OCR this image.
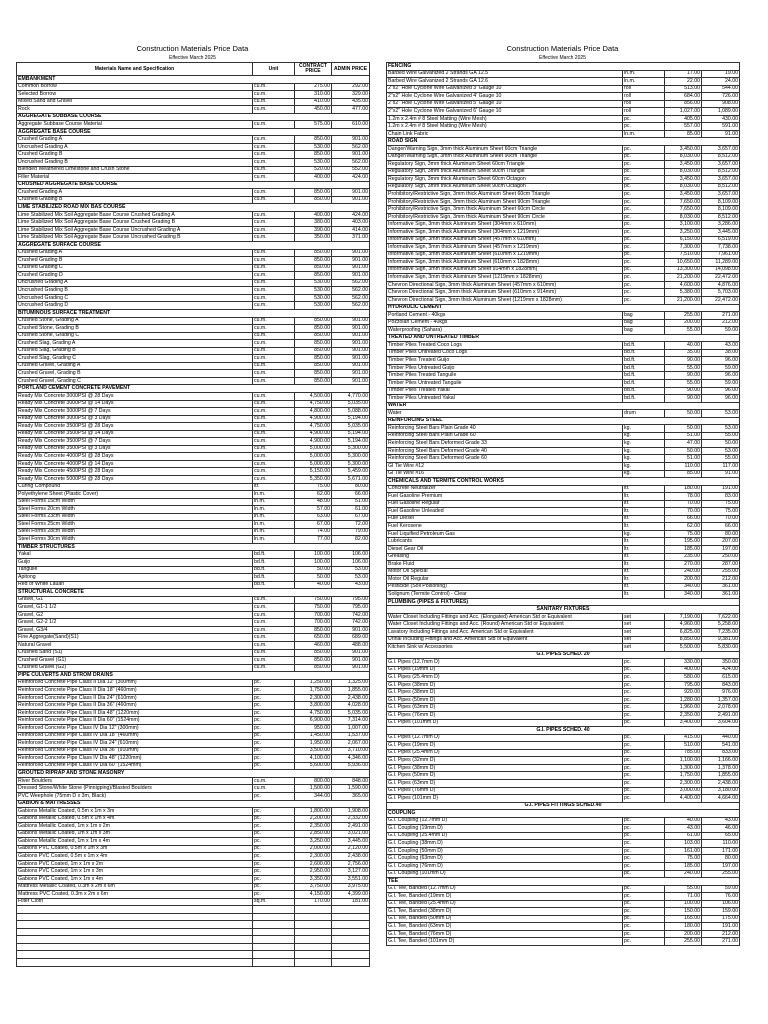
Construction Materials Price Data
Effective March 2025
Materials Name and Specification	Unit	CONTRACT PRICE	ADMIN PRICE
EMBANKMENT			
Common Borrow	cu.m.	275.00	292.00
Selected Borrow	cu.m.	310.00	329.00
Mixed Sand and Gravel	cu.m.	410.00	435.00
Rock	cu.m.	450.00	477.00
AGGREGATE SUBBASE COURSE			
Aggregate Subbase Course Material	cu.m.	575.00	610.00
AGGREGATE BASE COURSE			
Crushed Grading A	cu.m.	850.00	901.00
Uncrushed Grading A	cu.m.	530.00	562.00
Crushed Grading B	cu.m.	850.00	901.00
Uncrushed Grading B	cu.m.	530.00	562.00
Blended Weathered Limestone and Crush Stone	cu.m.	520.00	552.00
Filler Material	cu.m.	400.00	424.00
CRUSHED AGGREGATE BASE COURSE			
Crushed Grading A	cu.m.	850.00	901.00
Crushed Grading B	cu.m.	850.00	901.00
LIME STABILIZED ROAD MIX BAS COURSE			
Lime Stabilized Mix Soil Aggregate Base Course Crushed Grading A	cu.m.	400.00	424.00
Lime Stabilized Mix Soil Aggregate Base Course Crushed Grading B	cu.m.	380.00	403.00
Lime Stabilized Mix Soil Aggregate Base Course Uncrushed Grading A	cu.m.	390.00	414.00
Lime Stabilized Mix Soil Aggregate Base Course Uncrushed Grading B	cu.m.	350.00	371.00
AGGREGATE SURFACE COURSE			
Crushed Grading A	cu.m.	850.00	901.00
Crushed Grading B	cu.m.	850.00	901.00
Crushed Grading C	cu.m.	850.00	901.00
Crushed Grading D	cu.m.	850.00	901.00
Uncrushed Grading A	cu.m.	530.00	562.00
Uncrushed Grading B	cu.m.	530.00	562.00
Uncrushed Grading C	cu.m.	530.00	562.00
Uncrushed Grading D	cu.m.	530.00	562.00
BITUMINOUS SURFACE TREATMENT			
Crushed Stone, Grading A	cu.m.	850.00	901.00
Crushed Stone, Grading B	cu.m.	850.00	901.00
Crushed Stone, Grading C	cu.m.	850.00	901.00
Crushed Slag, Grading A	cu.m.	850.00	901.00
Crushed Slag, Grading B	cu.m.	850.00	901.00
Crushed Slag, Grading C	cu.m.	850.00	901.00
Crushed Gravel, Grading A	cu.m.	850.00	901.00
Crushed Gravel, Grading B	cu.m.	850.00	901.00
Crushed Gravel, Grading C	cu.m.	850.00	901.00
PORTLAND CEMENT CONCRETE PAVEMENT			
Ready Mix Concrete 3000PSI @ 28 Days	cu.m.	4,500.00	4,770.00
Ready Mix Concrete 3000PSI @ 14 Days	cu.m.	4,750.00	5,035.00
Ready Mix Concrete 3000PSI @ 7 Days	cu.m.	4,800.00	5,088.00
Ready Mix Concrete 3000PSI @ 3 Days	cu.m.	4,900.00	5,194.00
Ready Mix Concrete 3500PSI @ 28 Days	cu.m.	4,750.00	5,035.00
Ready Mix Concrete 3500PSI @ 14 Days	cu.m.	4,900.00	5,194.00
Ready Mix Concrete 3500PSI @ 7 Days	cu.m.	4,900.00	5,194.00
Ready Mix Concrete 3500PSI @ 3 Days	cu.m.	5,000.00	5,300.00
Ready Mix Concrete 4000PSI @ 28 Days	cu.m.	5,000.00	5,300.00
Ready Mix Concrete 4000PSI @ 14 Days	cu.m.	5,000.00	5,300.00
Ready Mix Concrete 4500PSI @ 28 Days	cu.m.	5,150.00	5,459.00
Ready Mix Concrete 5000PSI @ 28 Days	cu.m.	5,350.00	5,671.00
Curing Compound	ltr.	75.00	80.00
Polyethylene Sheet (Plastic Cover)	ln.m.	62.00	66.00
Steel Forms 15cm Width	ln.m.	48.00	51.00
Steel Forms 20cm Width	ln.m.	57.00	61.00
Steel Forms 23cm Width	ln.m.	63.00	67.00
Steel Forms 25cm Width	ln.m.	67.00	72.00
Steel Forms 28cm Width	ln.m.	74.00	79.00
Steel Forms 30cm Width	ln.m.	77.00	82.00
TIMBER STRUCTURES			
Yakal	bd.ft.	100.00	106.00
Guijo	bd.ft.	100.00	106.00
Tanguile	bd.ft.	50.00	53.00
Apitong	bd.ft.	50.00	53.00
Red or White Lauan	bd.ft.	40.00	43.00
STRUCTURAL CONCRETE			
Gravel, G1	cu.m.	750.00	795.00
Gravel, G1-1 1/2	cu.m.	750.00	795.00
Gravel, G2	cu.m.	700.00	742.00
Gravel, G2-2 1/2	cu.m.	700.00	742.00
Gravel, G3/4	cu.m.	850.00	901.00
Fine Aggregate(Sand)(S1)	cu.m.	650.00	689.00
Natural Gravel	cu.m.	460.00	488.00
Crushed Sand (S1)	cu.m.	850.00	901.00
Crushed Gravel (G1)	cu.m.	850.00	901.00
Crushed Gravel (G2)	cu.m.	850.00	901.00
PIPE CULVERTS AND STROM DRAINS			
Reinforced Concrete Pipe Class II Dia 12" (300mm)	pc.	1,250.00	1,325.00
Reinforced Concrete Pipe Class II Dia 18" (460mm)	pc.	1,750.00	1,855.00
Reinforced Concrete Pipe Class II Dia 24" (610mm)	pc.	2,300.00	2,438.00
Reinforced Concrete Pipe Class II Dia 36" (460mm)	pc.	3,800.00	4,028.00
Reinforced Concrete Pipe Class II Dia 48" (1220mm)	pc.	4,750.00	5,035.00
Reinforced Concrete Pipe Class II Dia 60" (1524mm)	pc.	6,900.00	7,314.00
Reinforced Concrete Pipe Class IV Dia 12" (300mm)	pc.	950.00	1,007.00
Reinforced Concrete Pipe Class IV Dia 18" (460mm)	pc.	1,450.00	1,537.00
Reinforced Concrete Pipe Class IV Dia 24" (610mm)	pc.	1,950.00	2,067.00
Reinforced Concrete Pipe Class IV Dia 36" (910mm)	pc.	3,500.00	3,710.00
Reinforced Concrete Pipe Class IV Dia 48" (1220mm)	pc.	4,100.00	4,346.00
Reinforced Concrete Pipe Class IV Dia 60" (1524mm)	pc.	5,600.00	5,936.00
GROUTED RIPRAP AND STONE MASONRY			
River Boulders	cu.m.	800.00	848.00
Dressed Stone/White Stone (Pinnigping)/Blasted Boulders	cu.m.	1,500.00	1,590.00
PVC Weephole (75mm D x 3m, Black)	pc.	344.00	365.00
GABION & MATTRESSES			
Gabions Metallic Coated, 0.5m x 1m x 3m	pc.	1,800.00	1,908.00
Gabions Metallic Coated, 0.5m x 1m x 4m	pc.	2,200.00	2,332.00
Gabions Metallic Coated, 1m x 1m x 2m	pc.	2,350.00	2,491.00
Gabions Metallic Coated, 1m x 1m x 3m	pc.	2,850.00	3,021.00
Gabions Metallic Coated, 1m x 1m x 4m	pc.	3,250.00	3,445.00
Gabions PVC Coated, 0.5m x 1m x 3m	pc.	2,000.00	2,120.00
Gabions PVC Coated, 0.5m x 1m x 4m	pc.	2,300.00	2,438.00
Gabions PVC Coated, 1m x 1m x 2m	pc.	2,600.00	2,756.00
Gabions PVC Coated, 1m x 1m x 3m	pc.	2,950.00	3,127.00
Gabions PVC Coated, 1m x 1m x 4m	pc.	3,350.00	3,551.00
Mattress Metallic Coated, 0.3m x 2m x 6m	pc.	3,750.00	3,975.00
Mattress PVC Coated, 0.3m x 2m x 6m	pc.	4,150.00	4,399.00
Filter Cloth	sq.m.	170.00	181.00

Construction Materials Price Data
Effective March 2025
FENCING			
Barbed Wire Galvanized 2 Strands GA 12.5	ln.m.	17.00	19.00
Barbed Wire Galvanized 2 Strands GA 12.6	ln.m.	22.00	24.00
2"x2" Hole Cyclone Wire Galvanized 3' Gauge 10	roll	513.00	544.00
2"x2" Hole Cyclone Wire Galvanized 4' Gauge 10	roll	684.00	726.00
2"x2" Hole Cyclone Wire Galvanized 5' Gauge 10	roll	856.00	908.00
2"x2" Hole Cyclone Wire Galvanized 6' Gauge 10	roll	1,027.00	1,089.00
1.2m x 2.4m # 8 Steel Matting (Wire Mesh)	pc.	405.00	430.00
1.2m x 2.4m # 8 Steel Matting (Wire Mesh)	pc.	557.00	591.00
Chain Link Fabric	ln.m.	85.00	91.00
ROAD SIGN			
Danger/Warning Sign, 3mm thick Aluminum Sheet 60cm Triangle	pc.	3,450.00	3,657.00
Danger/Warning Sign, 3mm thick Aluminum Sheet 90cm Triangle	pc.	8,030.00	8,512.00
Regulatory Sign, 3mm thick Aluminum Sheet 60cm Triangle	pc.	3,450.00	3,657.00
Regulatory Sign, 3mm thick Aluminum Sheet 90cm Triangle	pc.	8,030.00	8,512.00
Regulatory Sign, 3mm thick Aluminum Sheet 60cm Octagon	pc.	3,450.00	3,657.00
Regulatory Sign, 3mm thick Aluminum Sheet 90cm Octagon	pc.	8,030.00	8,512.00
Prohibitory/Restrictive Sign, 3mm thick Aluminum Sheet 60cm Triangle	pc.	3,450.00	3,657.00
Prohibitory/Restrictive Sign, 3mm thick Aluminum Sheet 90cm Triangle	pc.	7,650.00	8,109.00
Prohibitory/Restrictive Sign, 3mm thick Aluminum Sheet 60cm Circle	pc.	7,650.00	8,109.00
Prohibitory/Restrictive Sign, 3mm thick Aluminum Sheet 90cm Circle	pc.	8,030.00	8,512.00
Informative Sign, 3mm thick Aluminum Sheet (304mm x 610mm)	pc.	3,100.00	3,286.00
Informative Sign, 3mm thick Aluminum Sheet (304mm x 1219mm)	pc.	3,250.00	3,445.00
Informative Sign, 3mm thick Aluminum Sheet (457mm x 610mm)	pc.	6,150.00	6,519.00
Informative Sign, 3mm thick Aluminum Sheet (457mm x 1219mm)	pc.	7,300.00	7,738.00
Informative Sign, 3mm thick Aluminum Sheet (610mm x 1219mm)	pc.	7,510.00	7,961.00
Informative Sign, 3mm thick Aluminum Sheet (610mm x 1828mm)	pc.	10,650.00	11,289.00
Informative Sign, 3mm thick Aluminum Sheet 914mm x 1828mm)	pc.	13,300.00	14,098.00
Informative Sign, 3mm thick Aluminum Sheet (1219mm x 1828mm)	pc.	21,200.00	22,472.00
Chevron Directional Sign, 3mm thick Aluminum Sheet (457mm x 610mm)	pc.	4,600.00	4,876.00
Chevron Directional Sign, 3mm thick Aluminum Sheet (610mm x 914mm)	pc.	5,380.00	5,703.00
Chevron Directional Sign, 3mm thick Aluminum Sheet (1219mm x 1828mm)	pc.	21,200.00	22,472.00
HYDRAULIC CEMENT			
Portland Cement - 40kgs	bag	255.00	271.00
Pozzolan Cement - 40kgs	bag	200.00	212.00
Waterproofing (Sahara)	bag	55.00	59.00
TREATED AND UNTREATED TIMBER			
Timber Piles Treated Coco Logs	bd.ft.	40.00	43.00
Timber Piles Untreated Coco Logs	bd.ft.	35.00	38.00
Timber Piles Treated Guijo	bd.ft.	90.00	96.00
Timber Piles Untreated Guijo	bd.ft.	55.00	59.00
Timber Piles Treated Tanguile	bd.ft.	90.00	96.00
Timber Piles Untreated Tanguile	bd.ft.	55.00	59.00
Timber Piles Treated Yakal	bd.ft.	90.00	96.00
Timber Piles Untreated Yakal	bd.ft.	90.00	96.00
WATER			
Water	drum	50.00	53.00
REINFORCING STEEL			
Reinforcing Steel Bars Plain Grade 40	kg.	50.00	53.00
Reinforcing Steel Bars Plain Grade 60	kg.	51.00	55.00
Reinforcing Steel Bars Deformed Grade 33	kg.	47.00	50.00
Reinforcing Steel Bars Deformed Grade 40	kg.	50.00	53.00
Reinforcing Steel Bars Deformed Grade 60	kg.	51.00	55.00
GI Tie Wire #12	kg.	110.00	117.00
GI Tie Wire #16	kg.	85.00	91.00
CHEMICALS AND TERMITE CONTROL WORKS			
Concrete Neutralizer	ltr.	180.00	191.00
Fuel Gasoline Premium	ltr.	78.00	83.00
Fuel Gasoline Regular	ltr.	70.00	75.00
Fuel Gasoline Unleaded	ltr.	70.00	75.00
Fule Diesel	ltr.	66.00	70.00
Fuel Kerosene	ltr.	62.00	66.00
Fuel Liquified Petroleum Gas	kg.	75.00	80.00
Lubricants	ltr.	195.00	207.00
Diesel Gear Oil	ltr.	185.00	197.00
Greasing	ltr.	235.00	250.00
Brake Fluid	ltr.	270.00	287.00
Motor Oil Special	ltr.	240.00	255.00
Motor Oil Regular	ltr.	200.00	212.00
Pesticide (Soil Poisoning)	ltr.	340.00	361.00
Solignum (Termite Control) - Clear	ltr.	340.00	361.00
PLUMBING (PIPES & FIXTURES)			
SANITARY FIXTURES			
Water Closet Including Fittings and Acc. (Elongated) American Std or Equivalent	set	7,190.00	7,622.00
Water Closet Including Fittings and Acc. (Round) American Std or Equivalent	set	4,960.00	5,258.00
Lavatory Including Fittings and Acc. American Std or Equivalent	set	6,825.00	7,235.00
Urinal Including Fittings and Acc. American Std or Equivalent	set	8,850.00	9,381.00
Kitchen Sink w/ Accessories	set	5,500.00	5,830.00
G.I. PIPES SCHED. 20			
G.I. Pipes (12.7mm D)	pc.	330.00	350.00
G.I. Pipes (19mm D)	pc.	400.00	424.00
G.I. Pipes (25.4mm D)	pc.	580.00	615.00
G.I. Pipes (38mm D)	pc.	795.00	843.00
G.I. Pipes (38mm D)	pc.	920.00	976.00
G.I. Pipes (50mm D)	pc.	1,280.00	1,357.00
G.I. Pipes (63mm D)	pc.	1,960.00	2,078.00
G.I. Pipes (76mm D)	pc.	2,350.00	2,491.00
G.I. Pipes (101mm D)	pc.	3,400.00	3,604.00
G.I. PIPES SCHED. 40			
G.I. Pipes (12.7mm D)	pc.	415.00	440.00
G.I. Pipes (19mm D)	pc.	510.00	541.00
G.I. Pipes (25.4mm D)	pc.	785.00	833.00
G.I. Pipes (32mm D)	pc.	1,100.00	1,166.00
G.I. Pipes (38mm D)	pc.	1,300.00	1,378.00
G.I. Pipes (50mm D)	pc.	1,750.00	1,855.00
G.I. Pipes (63mm D)	pc.	2,300.00	2,438.00
G.I. Pipes (76mm D)	pc.	3,000.00	3,180.00
G.I. Pipes (101mm D)	pc.	4,400.00	4,664.00
G.I. PIPES FITTINGS SCHED.40			
COUPLING			
G.I. Coupling (12.7mm D)	pc.	40.00	43.00
G.I. Coupling (19mm D)	pc.	43.00	46.00
G.I. Coupling (25.4mm D)	pc.	61.00	65.00
G.I. Coupling (38mm D)	pc.	103.00	110.00
G.I. Coupling (50mm D)	pc.	161.00	171.00
G.I. Coupling (63mm D)	pc.	75.00	80.00
G.I. Coupling (76mm D)	pc.	185.00	197.00
G.I. Coupling (101mm D)	pc.	240.00	255.00
TEE			
G.I. Tee, Banded (12.7mm D)	pc.	55.00	59.00
G.I. Tee, Banded (19mm D)	pc.	71.00	76.00
G.I. Tee, Banded (25.4mm D)	pc.	100.00	106.00
G.I. Tee, Banded (38mm D)	pc.	150.00	159.00
G.I. Tee, Banded (50mm D)	pc.	165.00	175.00
G.I. Tee, Banded (63mm D)	pc.	180.00	191.00
G.I. Tee, Banded (76mm D)	pc.	200.00	212.00
G.I. Tee, Banded (101mm D)	pc.	255.00	271.00
